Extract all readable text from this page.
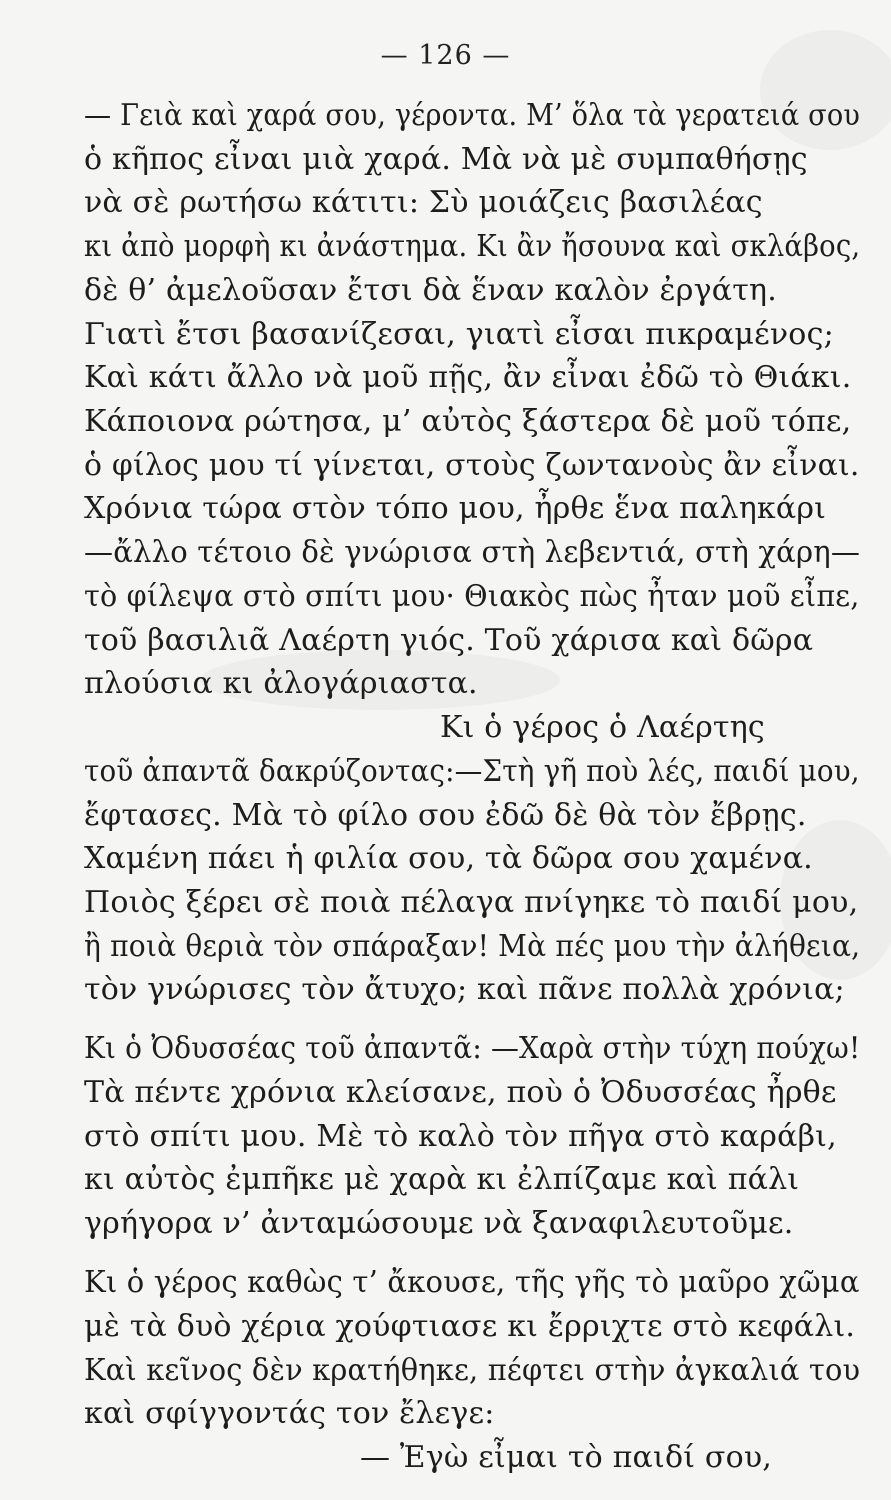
— 126 —
— Γειὰ καὶ χαρά σου, γέροντα. Μ’ ὅλα τὰ γερατειά σου
ὁ κῆπος εἶναι μιὰ χαρά. Μὰ νὰ μὲ συμπαθήσῃς
νὰ σὲ ρωτήσω κάτιτι: Σὺ μοιάζεις βασιλέας
κι ἀπὸ μορφὴ κι ἀνάστημα. Κι ἂν ἤσουνα καὶ σκλάβος,
δὲ θ’ ἀμελοῦσαν ἔτσι δὰ ἕναν καλὸν ἐργάτη.
Γιατὶ ἔτσι βασανίζεσαι, γιατὶ εἶσαι πικραμένος;
Καὶ κάτι ἄλλο νὰ μοῦ πῇς, ἂν εἶναι ἐδῶ τὸ Θιάκι.
Κάποιονα ρώτησα, μ’ αὐτὸς ξάστερα δὲ μοῦ τόπε,
ὁ φίλος μου τί γίνεται, στοὺς ζωντανοὺς ἂν εἶναι.
Χρόνια τώρα στὸν τόπο μου, ἦρθε ἕνα παληκάρι
—ἄλλο τέτοιο δὲ γνώρισα στὴ λεβεντιά, στὴ χάρη—
τὸ φίλεψα στὸ σπίτι μου· Θιακὸς πὼς ἦταν μοῦ εἶπε,
τοῦ βασιλιᾶ Λαέρτη γιός. Τοῦ χάρισα καὶ δῶρα
πλούσια κι ἀλογάριαστα.
Κι ὁ γέρος ὁ Λαέρτης
τοῦ ἀπαντᾶ δακρύζοντας:—Στὴ γῆ ποὺ λές, παιδί μου,
ἔφτασες. Μὰ τὸ φίλο σου ἐδῶ δὲ θὰ τὸν ἔβρῃς.
Χαμένη πάει ἡ φιλία σου, τὰ δῶρα σου χαμένα.
Ποιὸς ξέρει σὲ ποιὰ πέλαγα πνίγηκε τὸ παιδί μου,
ἢ ποιὰ θεριὰ τὸν σπάραξαν! Μὰ πές μου τὴν ἀλήθεια,
τὸν γνώρισες τὸν ἄτυχο; καὶ πᾶνε πολλὰ χρόνια;
Κι ὁ Ὀδυσσέας τοῦ ἀπαντᾶ: —Χαρὰ στὴν τύχη πούχω!
Τὰ πέντε χρόνια κλείσανε, ποὺ ὁ Ὀδυσσέας ἦρθε
στὸ σπίτι μου. Μὲ τὸ καλὸ τὸν πῆγα στὸ καράβι,
κι αὐτὸς ἐμπῆκε μὲ χαρὰ κι ἐλπίζαμε καὶ πάλι
γρήγορα ν’ ἀνταμώσουμε νὰ ξαναφιλευτοῦμε.
Κι ὁ γέρος καθὼς τ’ ἄκουσε, τῆς γῆς τὸ μαῦρο χῶμα
μὲ τὰ δυὸ χέρια χούφτιασε κι ἔρριχτε στὸ κεφάλι.
Καὶ κεῖνος δὲν κρατήθηκε, πέφτει στὴν ἀγκαλιά του
καὶ σφίγγοντάς τον ἔλεγε:
— Ἐγὼ εἶμαι τὸ παιδί σου,
